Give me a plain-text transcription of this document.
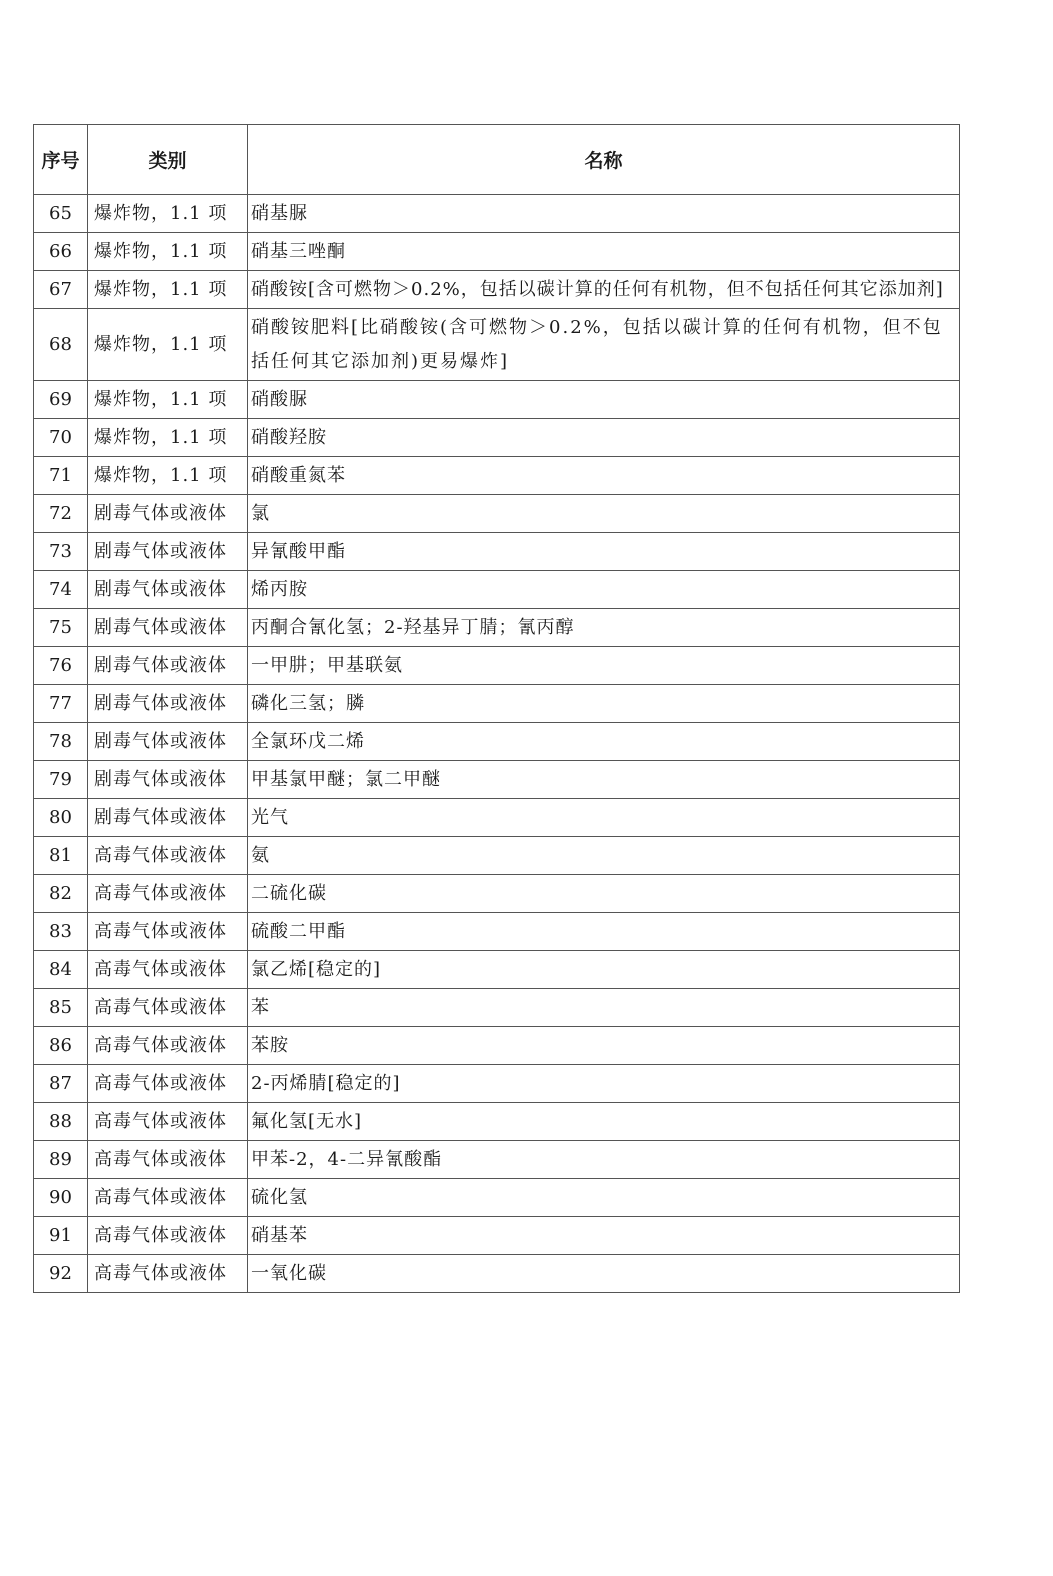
序号	类别	名称
65	爆炸物，1.1 项	硝基脲
66	爆炸物，1.1 项	硝基三唑酮
67	爆炸物，1.1 项	硝酸铵[含可燃物＞0.2%，包括以碳计算的任何有机物，但不包括任何其它添加剂]
68	爆炸物，1.1 项	硝酸铵肥料[比硝酸铵(含可燃物＞0.2%，包括以碳计算的任何有机物，但不包括任何其它添加剂)更易爆炸]
69	爆炸物，1.1 项	硝酸脲
70	爆炸物，1.1 项	硝酸羟胺
71	爆炸物，1.1 项	硝酸重氮苯
72	剧毒气体或液体	氯
73	剧毒气体或液体	异氰酸甲酯
74	剧毒气体或液体	烯丙胺
75	剧毒气体或液体	丙酮合氰化氢；2-羟基异丁腈；氰丙醇
76	剧毒气体或液体	一甲肼；甲基联氨
77	剧毒气体或液体	磷化三氢；膦
78	剧毒气体或液体	全氯环戊二烯
79	剧毒气体或液体	甲基氯甲醚；氯二甲醚
80	剧毒气体或液体	光气
81	高毒气体或液体	氨
82	高毒气体或液体	二硫化碳
83	高毒气体或液体	硫酸二甲酯
84	高毒气体或液体	氯乙烯[稳定的]
85	高毒气体或液体	苯
86	高毒气体或液体	苯胺
87	高毒气体或液体	2-丙烯腈[稳定的]
88	高毒气体或液体	氟化氢[无水]
89	高毒气体或液体	甲苯-2，4-二异氰酸酯
90	高毒气体或液体	硫化氢
91	高毒气体或液体	硝基苯
92	高毒气体或液体	一氧化碳
